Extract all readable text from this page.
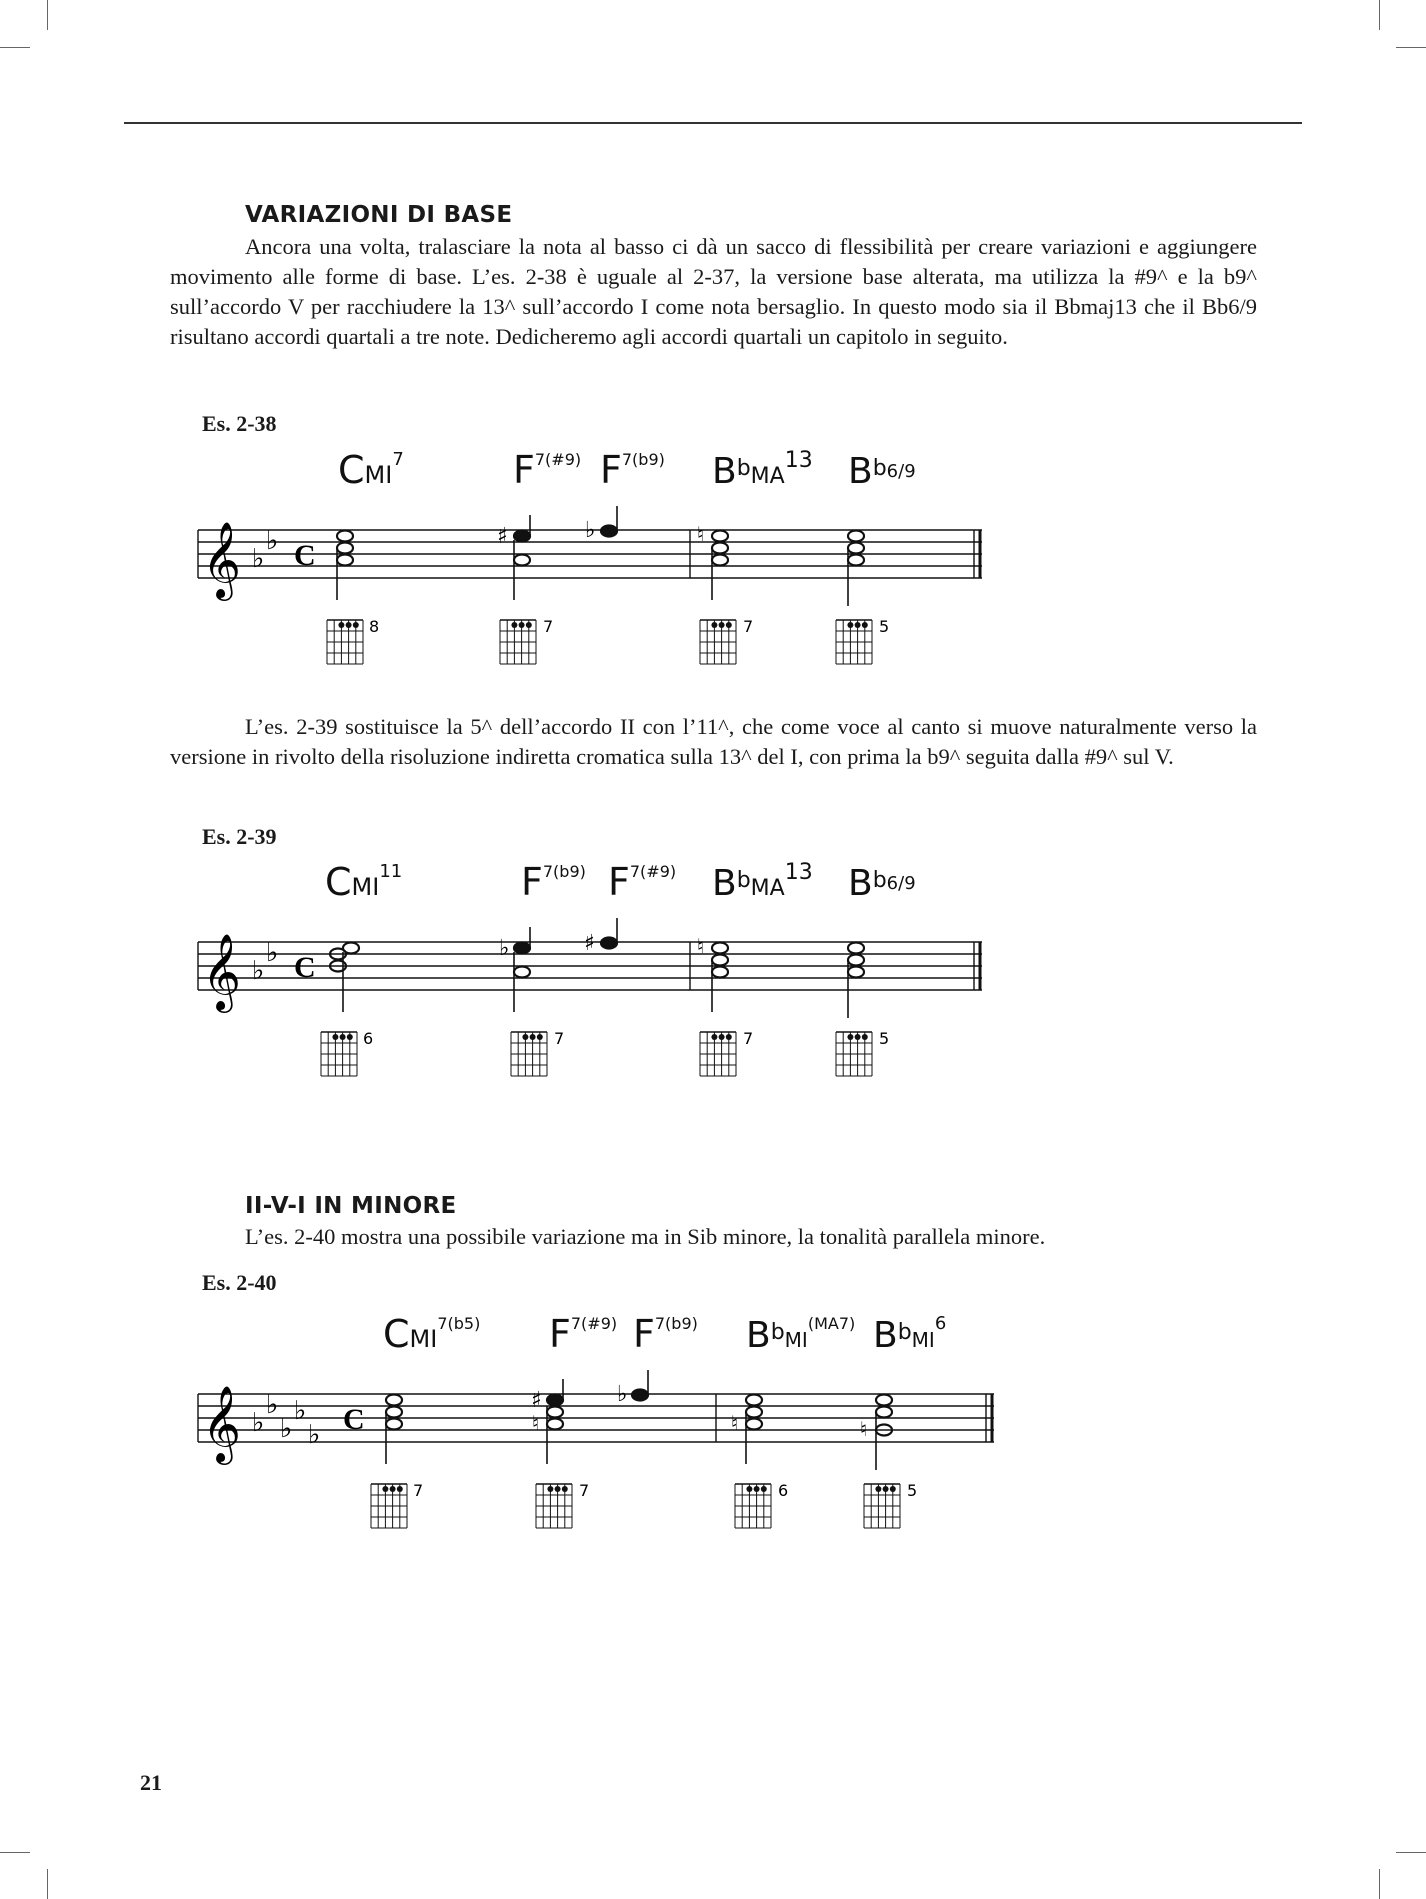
VARIAZIONI DI BASE

Ancora una volta, tralasciare la nota al basso ci dà un sacco di flessibilità per creare variazioni e aggiungere movimento alle forme di base. L’es. 2-38 è uguale al 2-37, la versione base alterata, ma utilizza la #9^ e la b9^ sull’accordo V per racchiudere la 13^ sull’accordo I come nota bersaglio. In questo modo sia il Bbmaj13 che il Bb6/9 risultano accordi quartali a tre note. Dedicheremo agli accordi quartali un capitolo in seguito.

Es. 2-38
CMI$^7$	$F^{7(\#9)}$ $F^{7(b9)}$ $B^b_{MA}^{13}$ $B^b6/9$
𝄞 ♭
♭ C
♯	♭	♮
8	7	7	5

L’es. 2-39 sostituisce la 5^ dell’accordo II con l’11^, che come voce al canto si muove naturalmente verso la versione in rivolto della risoluzione indiretta cromatica sulla 13^ del I, con prima la b9^ seguita dalla #9^ sul V.

Es. 2-39
CMI$^{11}$	$F^{7(b9)}$ $F^{7(\#9)}$ $B^b_{MA}^{13}$ $B^b6/9$
𝄞 ♭
♭ C
♭	♯	♮
6	7	7	5
II-V-I IN MINORE

L’es. 2-40 mostra una possibile variazione ma in Sib minore, la tonalità parallela minore.

Es. 2-40
$CMI^{7(b5)}$ $F^{7(\#9)}$ $F^{7(b9)}$ $B^b_{MI}^{(MA7)}$ $B^b_{MI}^6$
𝄞 ♭
♭
♭
♭
♭ C
♯
♮
♭
♮	♮
7	7	6	5
21
